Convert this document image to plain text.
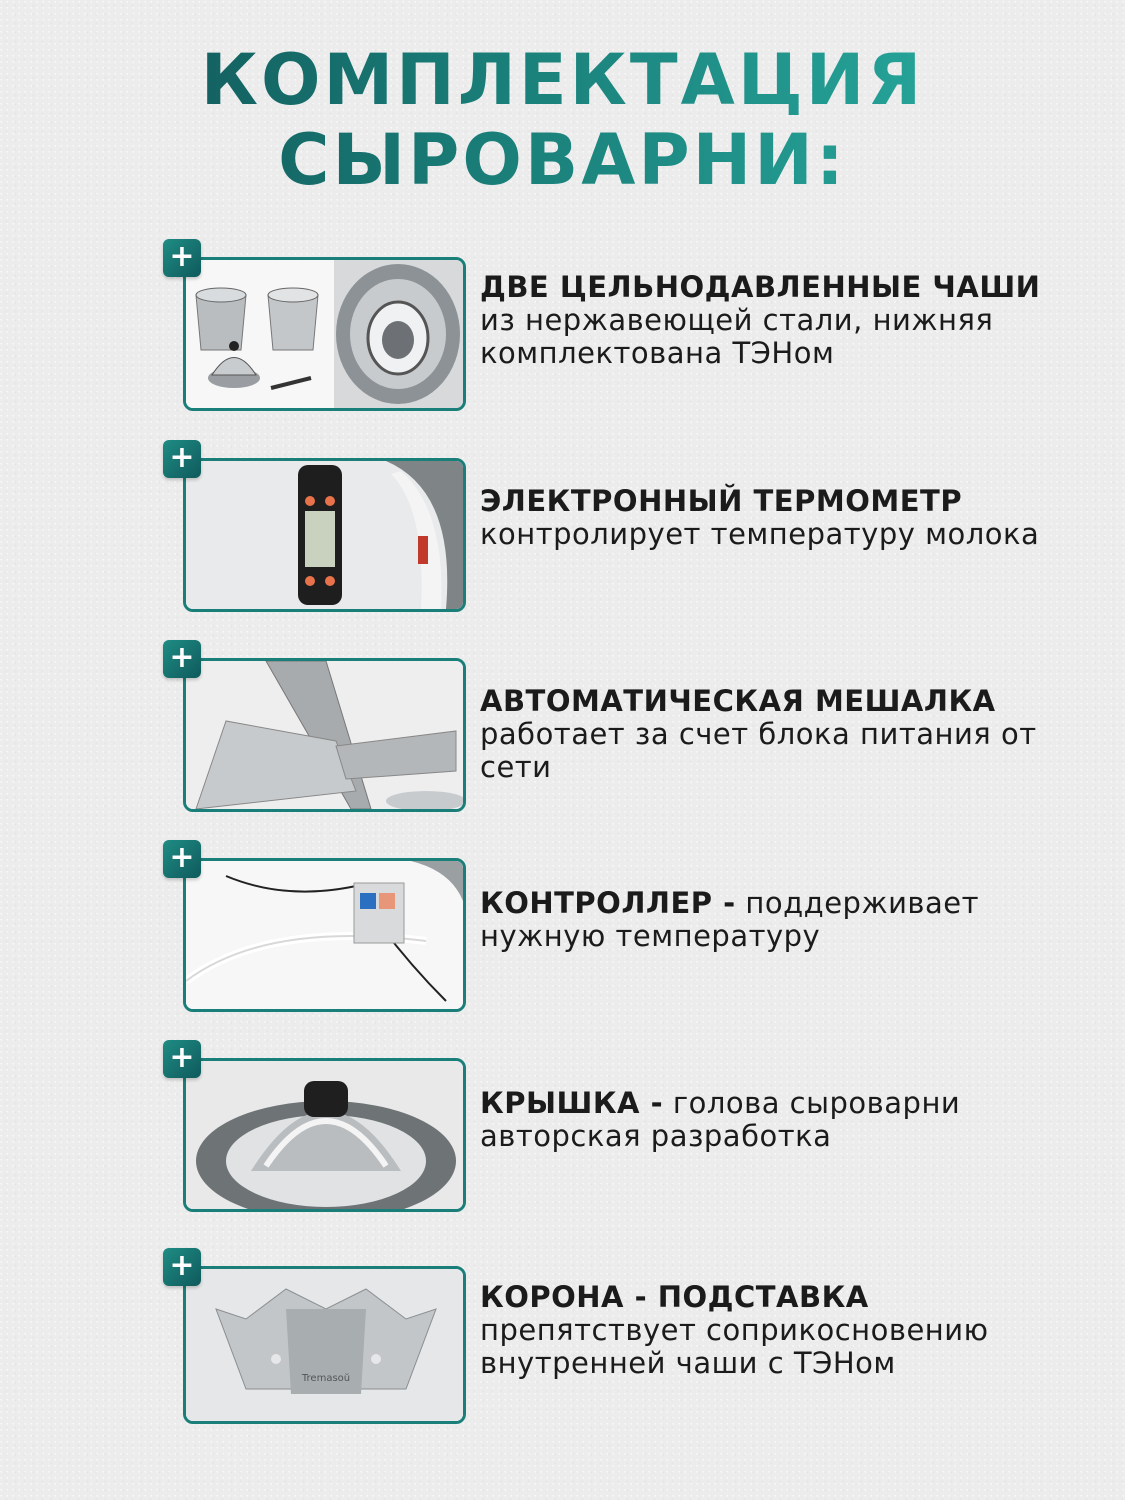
КОМПЛЕКТАЦИЯ
СЫРОВАРНИ:
+
ДВЕ ЦЕЛЬНОДАВЛЕННЫЕ ЧАШИ из нержавеющей стали, нижняя комплектована ТЭНом
+
ЭЛЕКТРОННЫЙ ТЕРМОМЕТР контролирует температуру молока
+
АВТОМАТИЧЕСКАЯ МЕШАЛКА работает за счет блока питания от сети
+
КОНТРОЛЛЕР - поддерживает нужную температуру
+
КРЫШКА - голова сыроварни авторская разработка
+
Tremasoŭ
КОРОНА - ПОДСТАВКА препятствует соприкосновению внутренней чаши с ТЭНом
